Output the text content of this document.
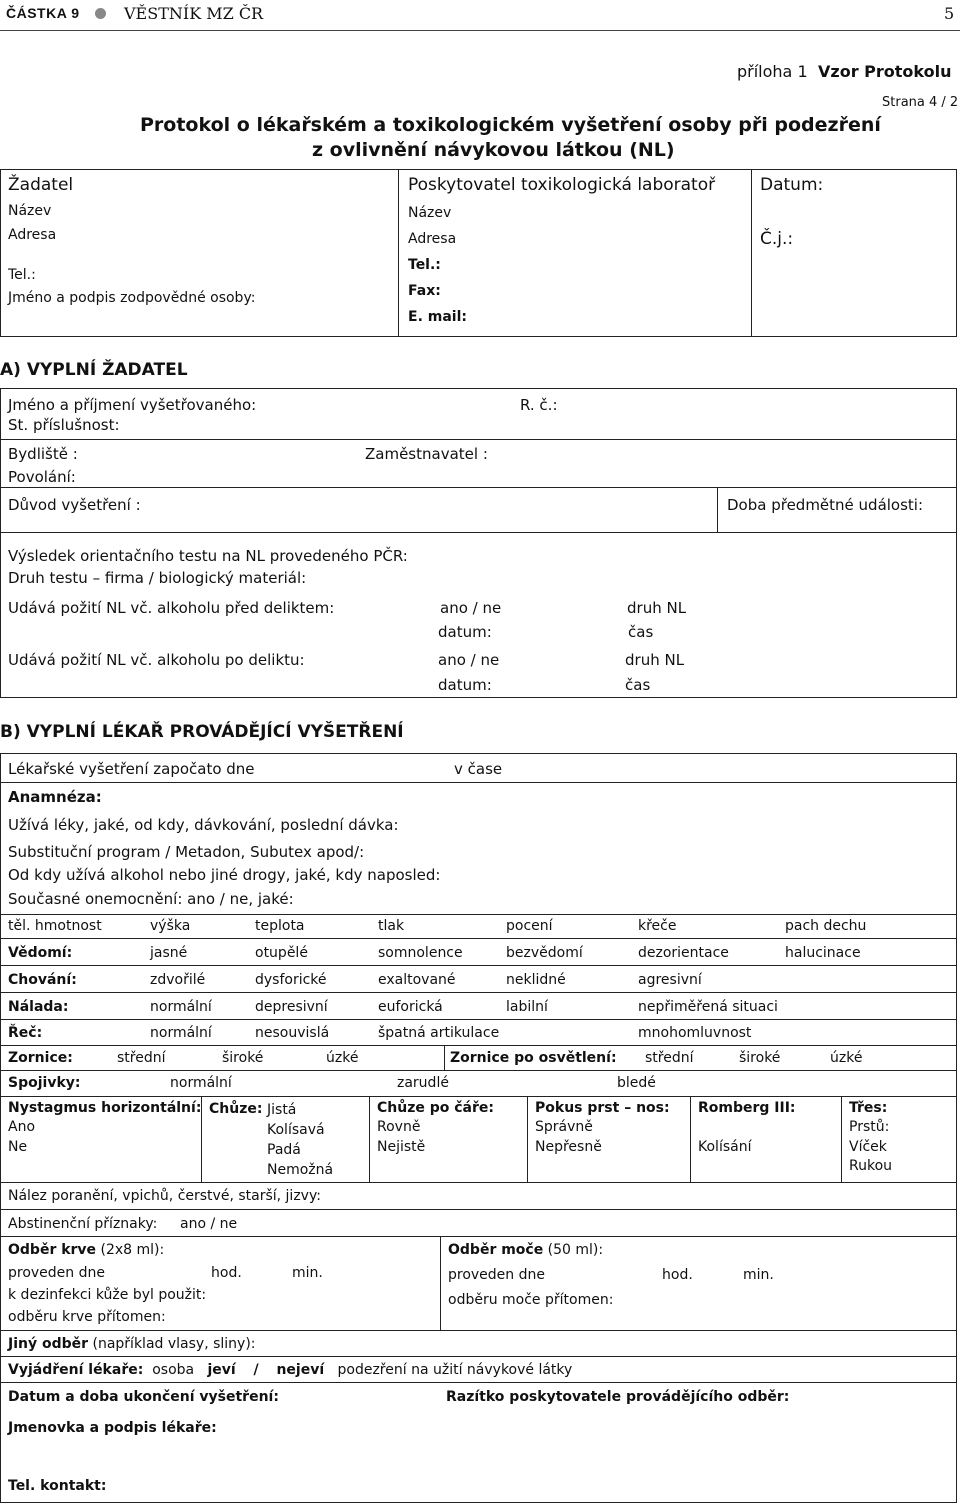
ČÁSTKA 9	VĚSTNÍK MZ ČR	5
příloha 1 Vzor Protokolu
Strana 4 / 2
Protokol o lékařském a toxikologickém vyšetření osoby při podezření
z ovlivnění návykovou látkou (NL)
Žadatel
Název
Adresa
Tel.:
Jméno a podpis zodpovědné osoby:
Poskytovatel toxikologická laboratoř
Název
Adresa
Tel.:
Fax:
E. mail:
Datum:
Č.j.:
A) VYPLNÍ ŽADATEL
Jméno a příjmení vyšetřovaného:	R. č.:
St. příslušnost:
Bydliště :	Zaměstnavatel :
Povolání:
Důvod vyšetření :	Doba předmětné události:
Výsledek orientačního testu na NL provedeného PČR:
Druh testu – firma / biologický materiál:
Udává požití NL vč. alkoholu před deliktem:	ano / ne	druh NL
datum:	čas
Udává požití NL vč. alkoholu po deliktu:	ano / ne	druh NL
datum:	čas
B) VYPLNÍ LÉKAŘ PROVÁDĚJÍCÍ VYŠETŘENÍ
Lékařské vyšetření započato dne	v čase
Anamnéza:
Užívá léky, jaké, od kdy, dávkování, poslední dávka:
Substituční program / Metadon, Subutex apod/:
Od kdy užívá alkohol nebo jiné drogy, jaké, kdy naposled:
Současné onemocnění: ano / ne, jaké:
těl. hmotnost	výška	teplota	tlak	pocení	křeče	pach dechu
Vědomí:	jasné	otupělé	somnolence	bezvědomí	dezorientace	halucinace
Chování:	zdvořilé	dysforické	exaltované	neklidné	agresivní
Nálada:	normální	depresivní	euforická	labilní	nepřiměřená situaci
Řeč:	normální	nesouvislá	špatná artikulace	mnohomluvnost
Zornice:	střední	široké	úzké	Zornice po osvětlení: střední	široké	úzké
Spojivky:	normální	zarudlé	bledé
Nystagmus horizontální:
Ano
Ne
Chůze: Jistá
Kolísavá
Padá
Nemožná
Chůze po čáře:
Rovně
Nejistě
Pokus prst – nos:
Správně
Nepřesně
Romberg III:
Kolísání
Třes:
Prstů:
Víček
Rukou
Nález poranění, vpichů, čerstvé, starší, jizvy:
Abstinenční příznaky: ano / ne
Odběr krve (2x8 ml):
proveden dne	hod.	min.
k dezinfekci kůže byl použit:
odběru krve přítomen:
Odběr moče (50 ml):
proveden dne	hod.	min.
odběru moče přítomen:
Jiný odběr (například vlasy, sliny):
Vyjádření lékaře: osoba jeví / nejeví podezření na užití návykové látky
Datum a doba ukončení vyšetření:	Razítko poskytovatele provádějícího odběr:
Jmenovka a podpis lékaře:
Tel. kontakt:
